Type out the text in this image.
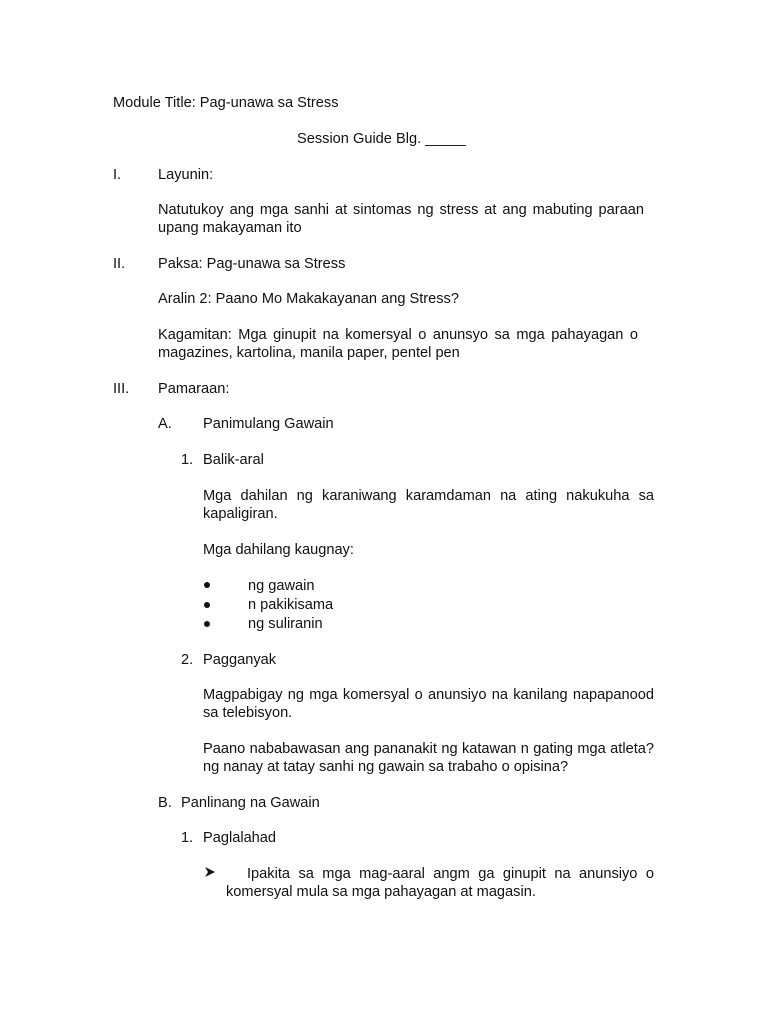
Module Title: Pag-unawa sa Stress
Session Guide Blg. _____
I.	Layunin:
Natutukoy ang mga sanhi at sintomas ng stress at ang mabuting paraan upang makayaman ito
II. Paksa: Pag-unawa sa Stress
Aralin 2: Paano Mo Makakayanan ang Stress?
Kagamitan: Mga ginupit na komersyal o anunsyo sa mga pahayagan o magazines, kartolina, manila paper, pentel pen
III. Pamaraan:
A. Panimulang Gawain
1. Balik-aral
Mga dahilan ng karaniwang karamdaman na ating nakukuha sa kapaligiran.
Mga dahilang kaugnay:
ng gawain
n pakikisama
ng suliranin
2. Pagganyak
Magpabigay ng mga komersyal o anunsiyo na kanilang napapanood sa telebisyon.
Paano nababawasan ang pananakit ng katawan n gating mga atleta? ng nanay at tatay sanhi ng gawain sa trabaho o opisina?
B. Panlinang na Gawain
1. Paglalahad
Ipakita sa mga mag-aaral angm ga ginupit na anunsiyo o komersyal mula sa mga pahayagan at magasin.
